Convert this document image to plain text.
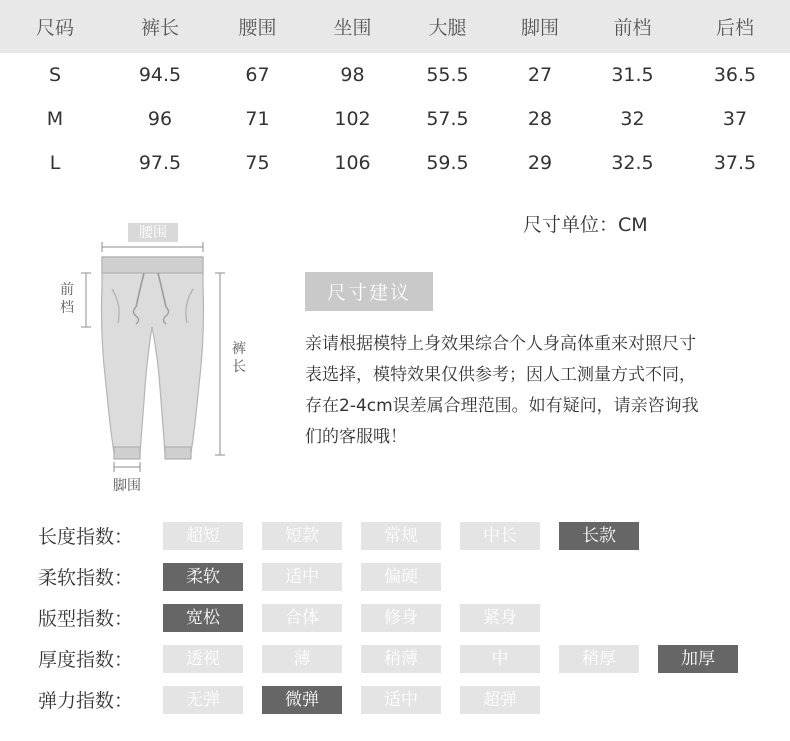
尺码	裤长	腰围	坐围	大腿	脚围	前档	后档
S	94.5	67	98	55.5	27	31.5	36.5
M	96	71	102	57.5	28	32	37
L	97.5	75	106	59.5	29	32.5	37.5
尺寸单位：CM
腰围
前
档
裤
长
脚围
尺寸建议
亲请根据模特上身效果综合个人身高体重来对照尺寸表选择，模特效果仅供参考；因人工测量方式不同，存在2-4cm误差属合理范围。如有疑问，请亲咨询我们的客服哦！
长度指数：	超短	短款	常规	中长	长款
柔软指数：	柔软	适中	偏硬
版型指数：	宽松	合体	修身	紧身
厚度指数：	透视	薄	稍薄	中	稍厚	加厚
弹力指数：	无弹	微弹	适中	超弹
